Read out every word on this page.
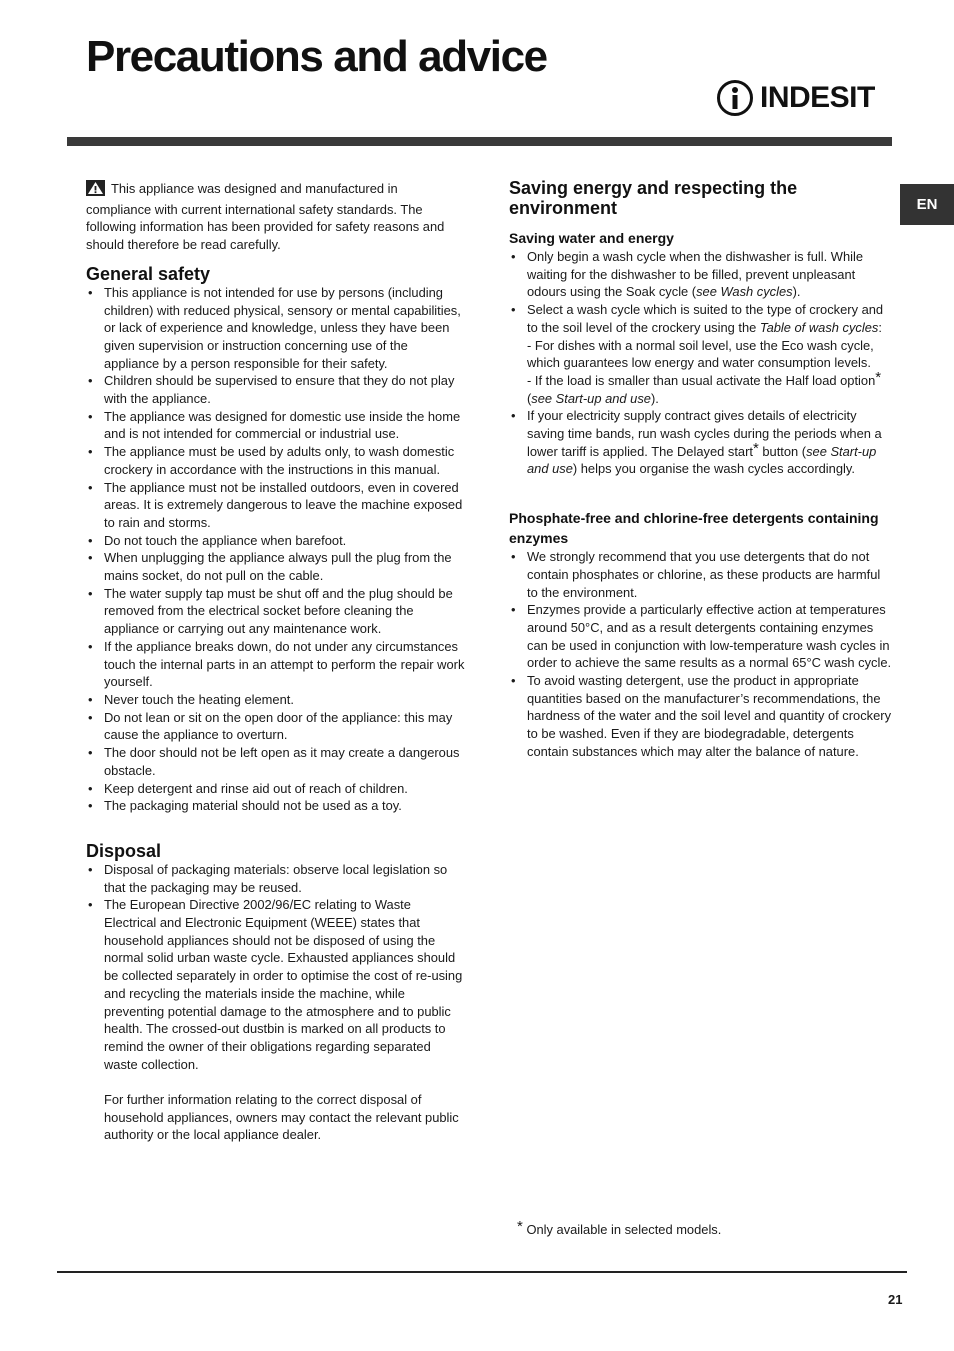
Precautions and advice
INDESIT
EN

This appliance was designed and manufactured in compliance with current international safety standards. The following information has been provided for safety reasons and should therefore be read carefully.

General safety
• This appliance is not intended for use by persons (including children) with reduced physical, sensory or mental capabilities, or lack of experience and knowledge, unless they have been given supervision or instruction concerning use of the appliance by a person responsible for their safety.
• Children should be supervised to ensure that they do not play with the appliance.
• The appliance was designed for domestic use inside the home and is not intended for commercial or industrial use.
• The appliance must be used by adults only, to wash domestic crockery in accordance with the instructions in this manual.
• The appliance must not be installed outdoors, even in covered areas. It is extremely dangerous to leave the machine exposed to rain and storms.
• Do not touch the appliance when barefoot.
• When unplugging the appliance always pull the plug from the mains socket, do not pull on the cable.
• The water supply tap must be shut off and the plug should be removed from the electrical socket before cleaning the appliance or carrying out any maintenance work.
• If the appliance breaks down, do not under any circumstances touch the internal parts in an attempt to perform the repair work yourself.
• Never touch the heating element.
• Do not lean or sit on the open door of the appliance: this may cause the appliance to overturn.
• The door should not be left open as it may create a dangerous obstacle.
• Keep detergent and rinse aid out of reach of children.
• The packaging material should not be used as a toy.
Disposal
• Disposal of packaging materials: observe local legislation so that the packaging may be reused.
• The European Directive 2002/96/EC relating to Waste Electrical and Electronic Equipment (WEEE) states that household appliances should not be disposed of using the normal solid urban waste cycle. Exhausted appliances should be collected separately in order to optimise the cost of re-using and recycling the materials inside the machine, while preventing potential damage to the atmosphere and to public health. The crossed-out dustbin is marked on all products to remind the owner of their obligations regarding separated waste collection.

For further information relating to the correct disposal of household appliances, owners may contact the relevant public authority or the local appliance dealer.

Saving energy and respecting the environment
Saving water and energy
• Only begin a wash cycle when the dishwasher is full. While waiting for the dishwasher to be filled, prevent unpleasant odours using the Soak cycle (see Wash cycles).
• Select a wash cycle which is suited to the type of crockery and to the soil level of the crockery using the Table of wash cycles:

- For dishes with a normal soil level, use the Eco wash cycle, which guarantees low energy and water consumption levels.

- If the load is smaller than usual activate the Half load option* (see Start-up and use).

• If your electricity supply contract gives details of electricity saving time bands, run wash cycles during the periods when a lower tariff is applied. The Delayed start* button (see Start-up and use) helps you organise the wash cycles accordingly.
Phosphate-free and chlorine-free detergents containing enzymes
• We strongly recommend that you use detergents that do not contain phosphates or chlorine, as these products are harmful to the environment.
• Enzymes provide a particularly effective action at temperatures around 50°C, and as a result detergents containing enzymes can be used in conjunction with low-temperature wash cycles in order to achieve the same results as a normal 65°C wash cycle.
• To avoid wasting detergent, use the product in appropriate quantities based on the manufacturer’s recommendations, the hardness of the water and the soil level and quantity of crockery to be washed. Even if they are biodegradable, detergents contain substances which may alter the balance of nature.
* Only available in selected models.
21
